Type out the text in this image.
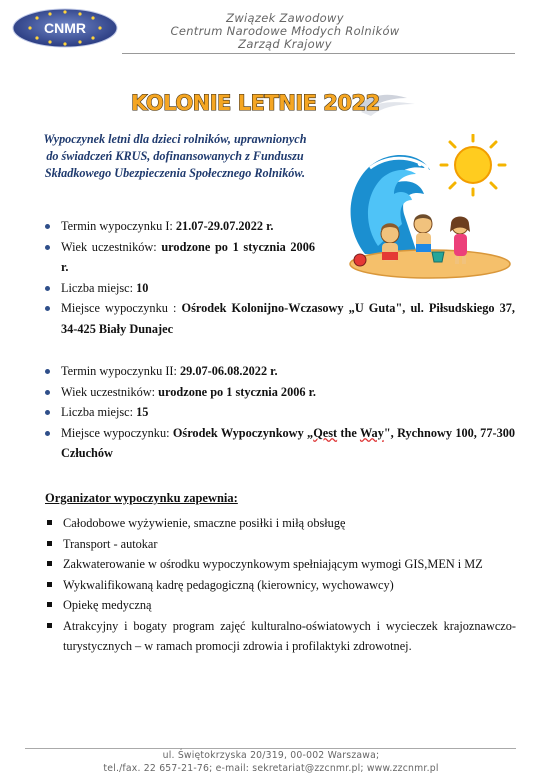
CNMR
Związek Zawodowy
Centrum Narodowe Młodych Rolników
Zarząd Krajowy
KOLONIE LETNIE 2022
Wypoczynek letni dla dzieci rolników, uprawnionych
do świadczeń KRUS, dofinansowanych z Funduszu
Składkowego Ubezpieczenia Społecznego Rolników.
Termin wypoczynku I: 21.07-29.07.2022 r.
Wiek uczestników: urodzone po 1 stycznia 2006 r.
Liczba miejsc: 10
Miejsce wypoczynku : Ośrodek Kolonijno-Wczasowy „U Guta", ul. Piłsudskiego 37, 34-425 Biały Dunajec
Termin wypoczynku II: 29.07-06.08.2022 r.
Wiek uczestników: urodzone po 1 stycznia 2006 r.
Liczba miejsc: 15
Miejsce wypoczynku: Ośrodek Wypoczynkowy „Qest the Way", Rychnowy 100, 77-300 Człuchów
Organizator wypoczynku zapewnia:
Całodobowe wyżywienie, smaczne posiłki i miłą obsługę
Transport - autokar
Zakwaterowanie w ośrodku wypoczynkowym spełniającym wymogi GIS,MEN i MZ
Wykwalifikowaną kadrę pedagogiczną (kierownicy, wychowawcy)
Opiekę medyczną
Atrakcyjny i bogaty program zajęć kulturalno-oświatowych i wycieczek krajoznawczo-turystycznych – w ramach promocji zdrowia i profilaktyki zdrowotnej.
ul. Świętokrzyska 20/319, 00-002 Warszawa;
tel./fax. 22 657-21-76; e-mail: sekretariat@zzcnmr.pl; www.zzcnmr.pl
